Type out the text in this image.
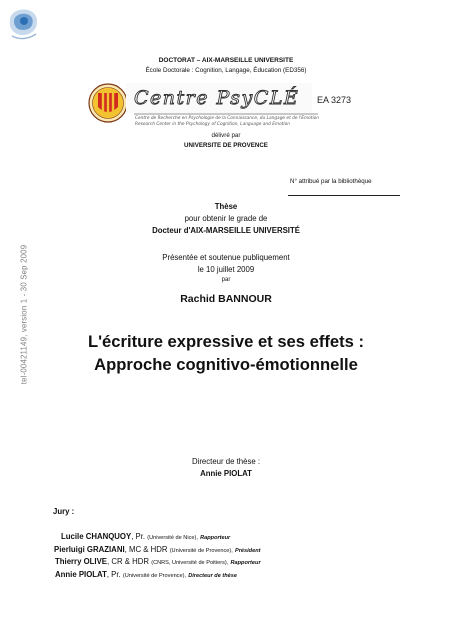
tel-00421149, version 1 - 30 Sep 2009
DOCTORAT – AIX-MARSEILLE UNIVERSITE
École Doctorale : Cognition, Langage, Éducation (ED356)
Centre PsyCLÉ EA 3273
Centre de Recherche en Psychologie de la Connaissance, du Langage et de l'Emotion
Research Center in the Psychology of Cognition, Language and Emotion
délivré par
UNIVERSITE DE PROVENCE
N° attribué par la bibliothèque
Thèse
pour obtenir le grade de
Docteur d'AIX-MARSEILLE UNIVERSITÉ
Présentée et soutenue publiquement
le 10 juillet 2009
par
Rachid BANNOUR
L'écriture expressive et ses effets :
Approche cognitivo-émotionnelle
Directeur de thèse :
Annie PIOLAT
Jury :
Lucile CHANQUOY, Pr. (Université de Nice), Rapporteur
Pierluigi GRAZIANI, MC & HDR (Université de Provence), Président
Thierry OLIVE, CR & HDR (CNRS, Université de Poitiers), Rapporteur
Annie PIOLAT, Pr. (Université de Provence), Directeur de thèse
